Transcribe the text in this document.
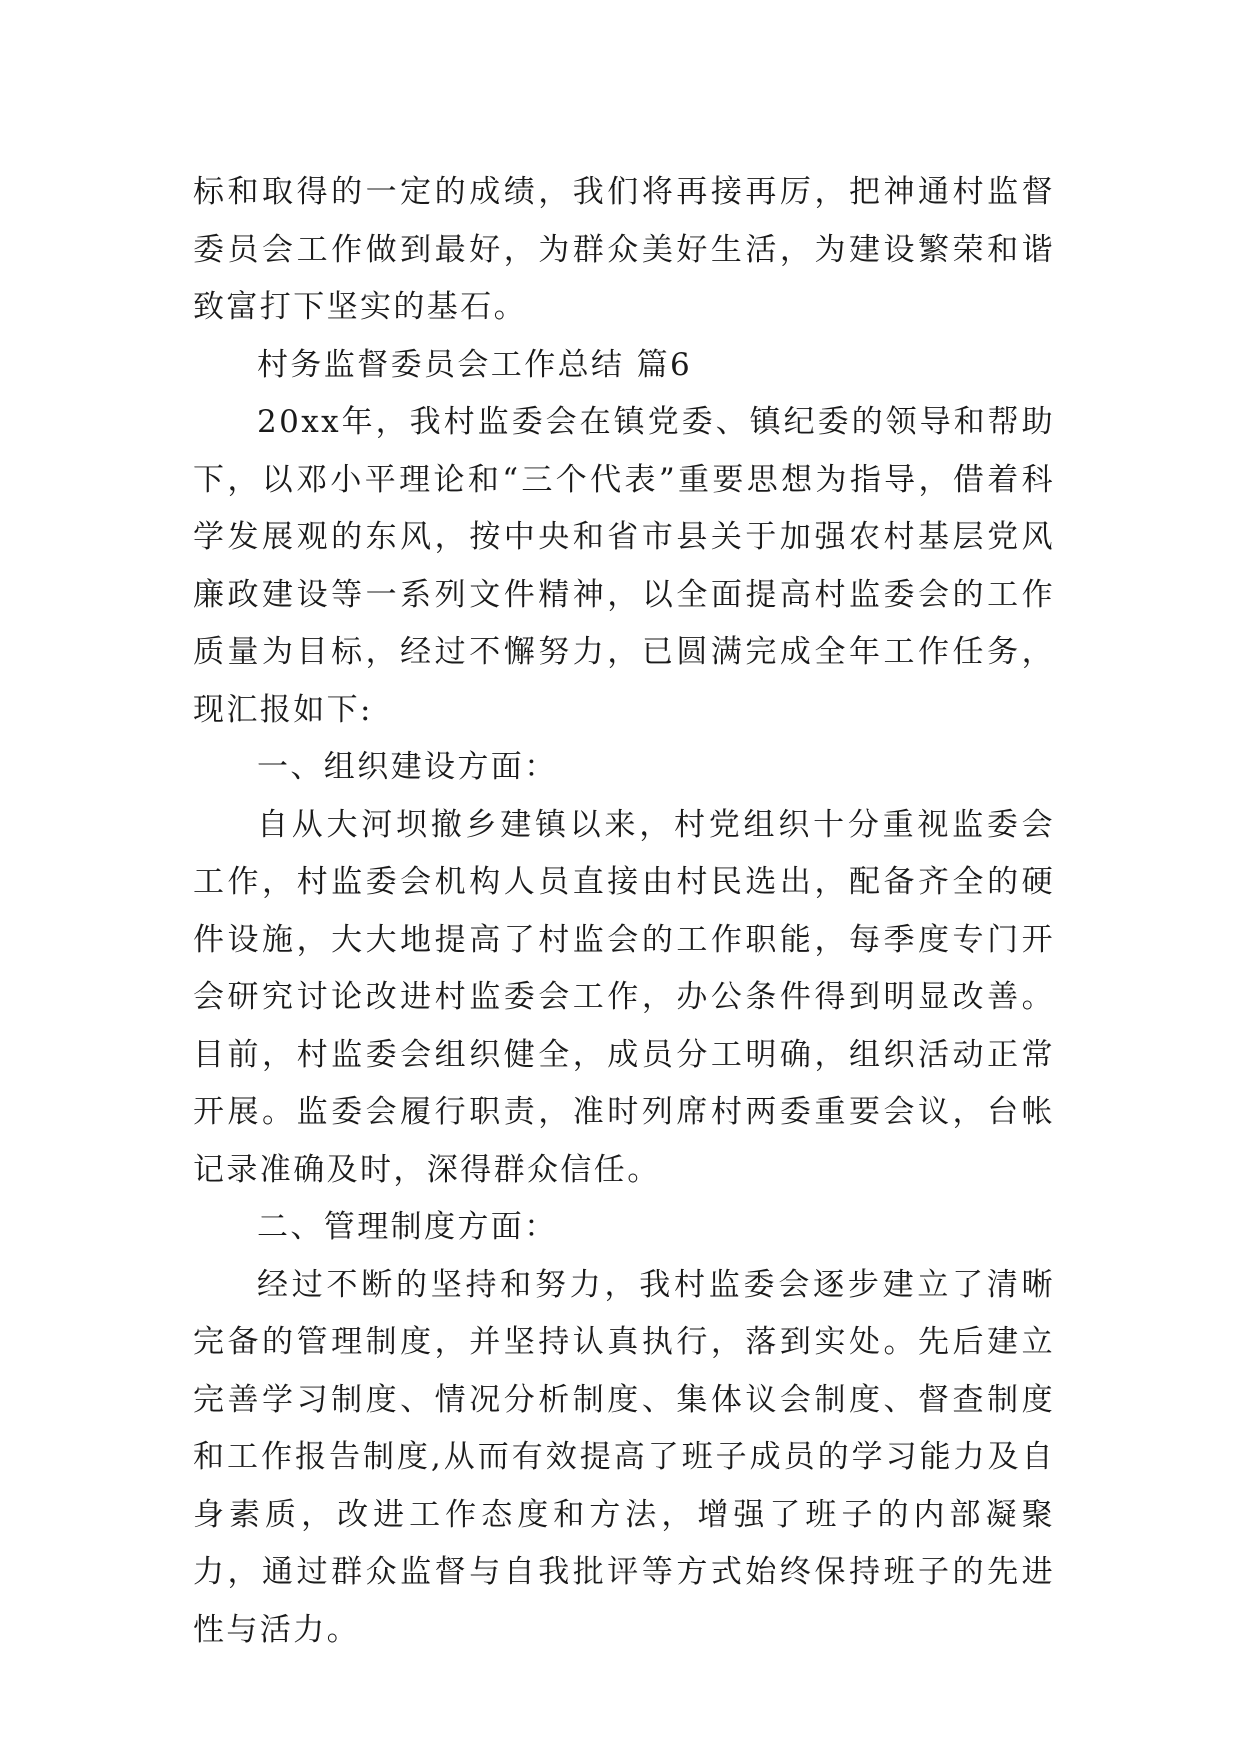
标和取得的一定的成绩，我们将再接再厉，把神通村监督委员会工作做到最好，为群众美好生活，为建设繁荣和谐致富打下坚实的基石。

村务监督委员会工作总结 篇6

20xx年，我村监委会在镇党委、镇纪委的领导和帮助下，以邓小平理论和“三个代表”重要思想为指导，借着科学发展观的东风，按中央和省市县关于加强农村基层党风廉政建设等一系列文件精神，以全面提高村监委会的工作质量为目标，经过不懈努力，已圆满完成全年工作任务，现汇报如下:

一、组织建设方面：

自从大河坝撤乡建镇以来，村党组织十分重视监委会工作，村监委会机构人员直接由村民选出，配备齐全的硬件设施，大大地提高了村监会的工作职能，每季度专门开会研究讨论改进村监委会工作，办公条件得到明显改善。目前，村监委会组织健全，成员分工明确，组织活动正常开展。监委会履行职责，准时列席村两委重要会议，台帐记录准确及时，深得群众信任。

二、管理制度方面：

经过不断的坚持和努力，我村监委会逐步建立了清晰完备的管理制度，并坚持认真执行，落到实处。先后建立完善学习制度、情况分析制度、集体议会制度、督查制度和工作报告制度,从而有效提高了班子成员的学习能力及自身素质，改进工作态度和方法，增强了班子的内部凝聚力，通过群众监督与自我批评等方式始终保持班子的先进性与活力。
